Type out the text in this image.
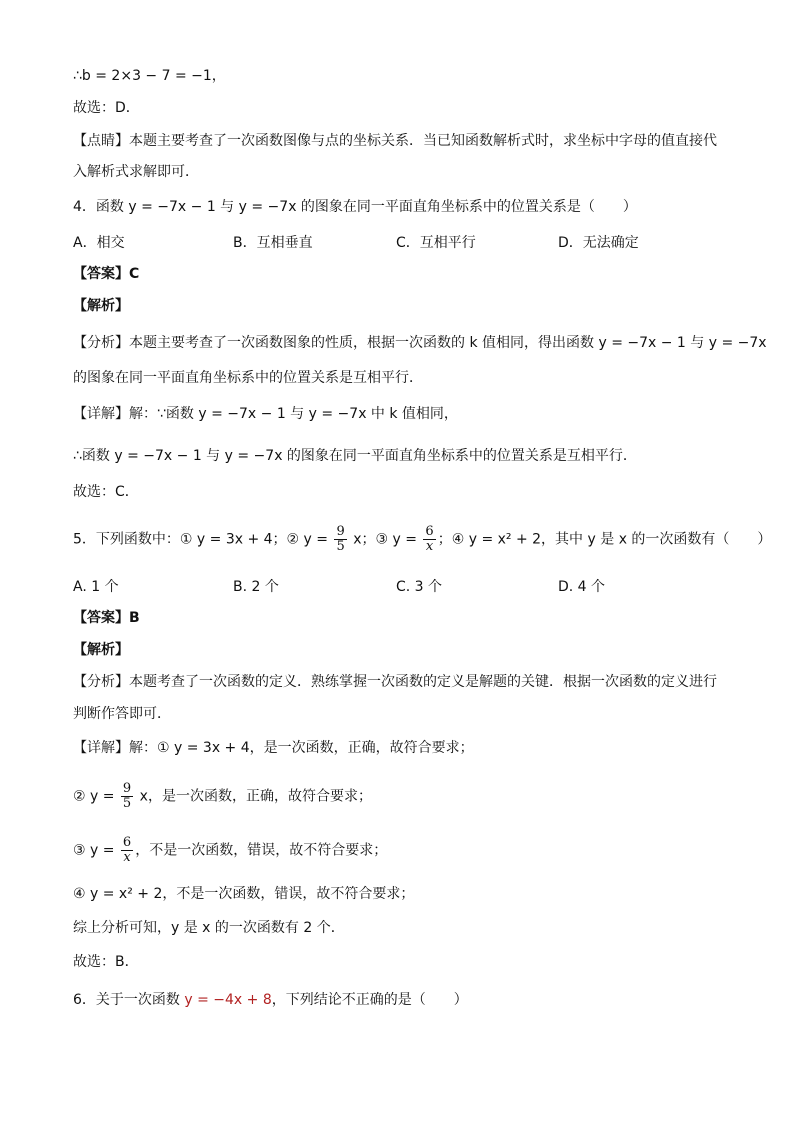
∴b = 2×3 − 7 = −1，
故选：D．
【点睛】本题主要考查了一次函数图像与点的坐标关系．当已知函数解析式时，求坐标中字母的值直接代
入解析式求解即可．
4．函数 y = −7x − 1 与 y = −7x 的图象在同一平面直角坐标系中的位置关系是（　　）
A．相交	B．互相垂直	C．互相平行	D．无法确定
【答案】C
【解析】
【分析】本题主要考查了一次函数图象的性质，根据一次函数的 k 值相同，得出函数 y = −7x − 1 与 y = −7x
的图象在同一平面直角坐标系中的位置关系是互相平行．
【详解】解：∵函数 y = −7x − 1 与 y = −7x 中 k 值相同，
∴函数 y = −7x − 1 与 y = −7x 的图象在同一平面直角坐标系中的位置关系是互相平行．
故选：C．
5．下列函数中：① y = 3x + 4；② $y = \frac{9}{5}$ x；③ $y = \frac{6}{x}$ ；④ y = x² + 2，其中 y 是 x 的一次函数有（　　）
A. 1 个	B. 2 个	C. 3 个	D. 4 个
【答案】B
【解析】
【分析】本题考查了一次函数的定义．熟练掌握一次函数的定义是解题的关键．根据一次函数的定义进行
判断作答即可．
【详解】解：① y = 3x + 4，是一次函数，正确，故符合要求；
② $y = \frac{9}{5}$ x，是一次函数，正确，故符合要求；
③ $y = \frac{6}{x}$ ，不是一次函数，错误，故不符合要求；
④ y = x² + 2，不是一次函数，错误，故不符合要求；
综上分析可知，y 是 x 的一次函数有 2 个．
故选：B．
6．关于一次函数 y = −4x + 8，下列结论不正确的是（　　）
